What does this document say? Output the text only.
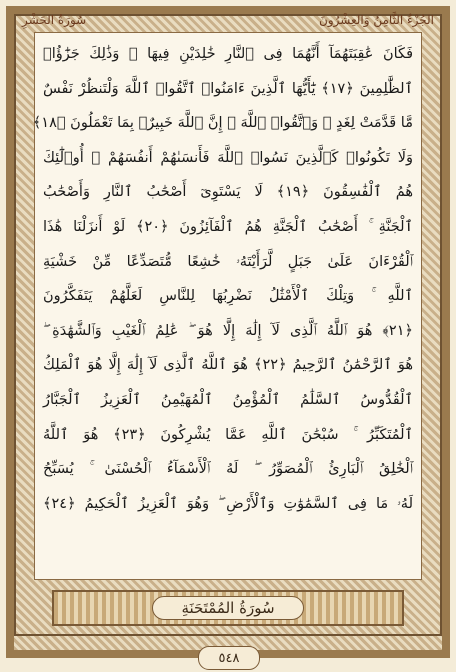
الجُزْءُ الثَّامِنُ وَالعِشْرُونَ
سُورَةُ الحَشْرِ
فَكَانَ عَٰقِبَتَهُمَآ أَنَّهُمَا فِى ٱلنَّارِ خَٰلِدَيْنِ فِيهَا ۚ وَذَٰلِكَ جَزَٰٓؤُا۟
ٱلظَّٰلِمِينَ ﴿١٧﴾ يَٰٓأَيُّهَا ٱلَّذِينَ ءَامَنُوا۟ ٱتَّقُوا۟ ٱللَّهَ وَلْتَنظُرْ نَفْسٌ
مَّا قَدَّمَتْ لِغَدٍ ۖ وَٱتَّقُوا۟ ٱللَّهَ ۚ إِنَّ ٱللَّهَ خَبِيرٌۢ بِمَا تَعْمَلُونَ ﴿١٨﴾
وَلَا تَكُونُوا۟ كَٱلَّذِينَ نَسُوا۟ ٱللَّهَ فَأَنسَىٰهُمْ أَنفُسَهُمْ ۚ أُو۟لَٰٓئِكَ
هُمُ ٱلْفَٰسِقُونَ ﴿١٩﴾ لَا يَسْتَوِىٓ أَصْحَٰبُ ٱلنَّارِ وَأَصْحَٰبُ
ٱلْجَنَّةِ ۚ أَصْحَٰبُ ٱلْجَنَّةِ هُمُ ٱلْفَآئِزُونَ ﴿٢٠﴾ لَوْ أَنزَلْنَا هَٰذَا
ٱلْقُرْءَانَ عَلَىٰ جَبَلٍ لَّرَأَيْتَهُۥ خَٰشِعًا مُّتَصَدِّعًا مِّنْ خَشْيَةِ
ٱللَّهِ ۚ وَتِلْكَ ٱلْأَمْثَٰلُ نَضْرِبُهَا لِلنَّاسِ لَعَلَّهُمْ يَتَفَكَّرُونَ
﴿٢١﴾ هُوَ ٱللَّهُ ٱلَّذِى لَآ إِلَٰهَ إِلَّا هُوَ ۖ عَٰلِمُ ٱلْغَيْبِ وَٱلشَّهَٰدَةِ ۖ
هُوَ ٱلرَّحْمَٰنُ ٱلرَّحِيمُ ﴿٢٢﴾ هُوَ ٱللَّهُ ٱلَّذِى لَآ إِلَٰهَ إِلَّا هُوَ ٱلْمَلِكُ
ٱلْقُدُّوسُ ٱلسَّلَٰمُ ٱلْمُؤْمِنُ ٱلْمُهَيْمِنُ ٱلْعَزِيزُ ٱلْجَبَّارُ
ٱلْمُتَكَبِّرُ ۚ سُبْحَٰنَ ٱللَّهِ عَمَّا يُشْرِكُونَ ﴿٢٣﴾ هُوَ ٱللَّهُ
ٱلْخَٰلِقُ ٱلْبَارِئُ ٱلْمُصَوِّرُ ۖ لَهُ ٱلْأَسْمَآءُ ٱلْحُسْنَىٰ ۚ يُسَبِّحُ
لَهُۥ مَا فِى ٱلسَّمَٰوَٰتِ وَٱلْأَرْضِ ۖ وَهُوَ ٱلْعَزِيزُ ٱلْحَكِيمُ ﴿٢٤﴾
سُورَةُ المُمْتَحَنَةِ
٥٤٨
